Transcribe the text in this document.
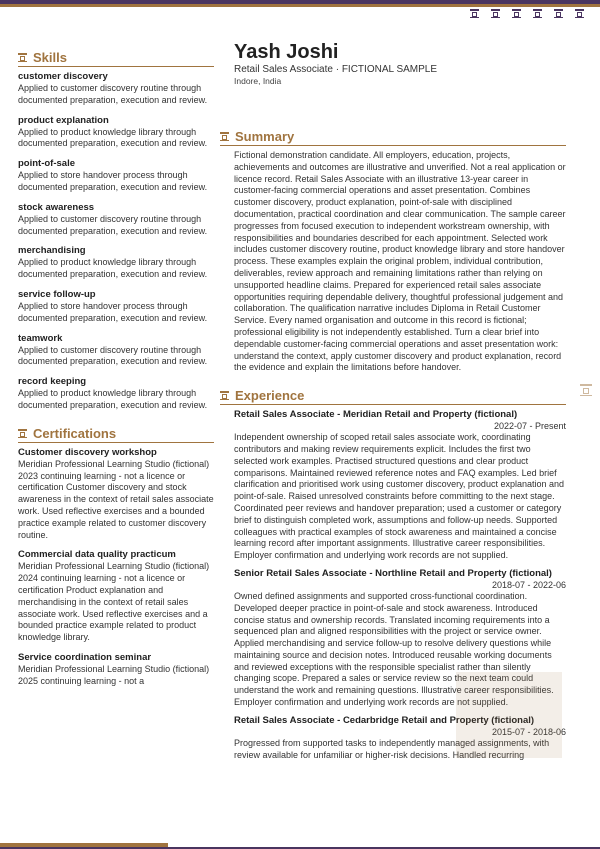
Skills
customer discovery
Applied to customer discovery routine through documented preparation, execution and review.
product explanation
Applied to product knowledge library through documented preparation, execution and review.
point-of-sale
Applied to store handover process through documented preparation, execution and review.
stock awareness
Applied to customer discovery routine through documented preparation, execution and review.
merchandising
Applied to product knowledge library through documented preparation, execution and review.
service follow-up
Applied to store handover process through documented preparation, execution and review.
teamwork
Applied to customer discovery routine through documented preparation, execution and review.
record keeping
Applied to product knowledge library through documented preparation, execution and review.
Certifications
Customer discovery workshop
Meridian Professional Learning Studio (fictional) 2023 continuing learning - not a licence or certification Customer discovery and stock awareness in the context of retail sales associate work. Used reflective exercises and a bounded practice example related to customer discovery routine.
Commercial data quality practicum
Meridian Professional Learning Studio (fictional) 2024 continuing learning - not a licence or certification Product explanation and merchandising in the context of retail sales associate work. Used reflective exercises and a bounded practice example related to product knowledge library.
Service coordination seminar
Meridian Professional Learning Studio (fictional) 2025 continuing learning - not a
Yash Joshi
Retail Sales Associate · FICTIONAL SAMPLE
Indore, India
Summary
Fictional demonstration candidate. All employers, education, projects, achievements and outcomes are illustrative and unverified. Not a real application or licence record. Retail Sales Associate with an illustrative 13-year career in customer-facing commercial operations and asset presentation. Combines customer discovery, product explanation, point-of-sale with disciplined documentation, practical coordination and clear communication. The sample career progresses from focused execution to independent workstream ownership, with responsibilities and boundaries described for each appointment. Selected work includes customer discovery routine, product knowledge library and store handover process. These examples explain the original problem, individual contribution, deliverables, review approach and remaining limitations rather than relying on unsupported headline claims. Prepared for experienced retail sales associate opportunities requiring dependable delivery, thoughtful professional judgement and collaboration. The qualification narrative includes Diploma in Retail Customer Service. Every named organisation and outcome in this record is fictional; professional eligibility is not independently established. Turn a clear brief into dependable customer-facing commercial operations and asset presentation work: understand the context, apply customer discovery and product explanation, record the evidence and explain the limitations before handover.
Experience
Retail Sales Associate - Meridian Retail and Property (fictional)
2022-07 - Present
Independent ownership of scoped retail sales associate work, coordinating contributors and making review requirements explicit. Includes the first two selected work examples. Practised structured questions and clear product comparisons. Maintained reviewed reference notes and FAQ examples. Led brief clarification and prioritised work using customer discovery, product explanation and point-of-sale. Raised unresolved constraints before committing to the next stage. Coordinated peer reviews and handover preparation; used a customer or category brief to distinguish completed work, assumptions and follow-up needs. Supported colleagues with practical examples of stock awareness and maintained a concise learning record after important assignments. Illustrative career responsibilities. Employer confirmation and underlying work records are not supplied.
Senior Retail Sales Associate - Northline Retail and Property (fictional)
2018-07 - 2022-06
Owned defined assignments and supported cross-functional coordination. Developed deeper practice in point-of-sale and stock awareness. Introduced concise status and ownership records. Translated incoming requirements into a sequenced plan and aligned responsibilities with the project or service owner. Applied merchandising and service follow-up to resolve delivery questions while maintaining source and decision notes. Introduced reusable working documents and reviewed exceptions with the responsible specialist rather than silently changing scope. Prepared a sales or service review so the next team could understand the work and remaining questions. Illustrative career responsibilities. Employer confirmation and underlying work records are not supplied.
Retail Sales Associate - Cedarbridge Retail and Property (fictional)
2015-07 - 2018-06
Progressed from supported tasks to independently managed assignments, with review available for unfamiliar or higher-risk decisions. Handled recurring
